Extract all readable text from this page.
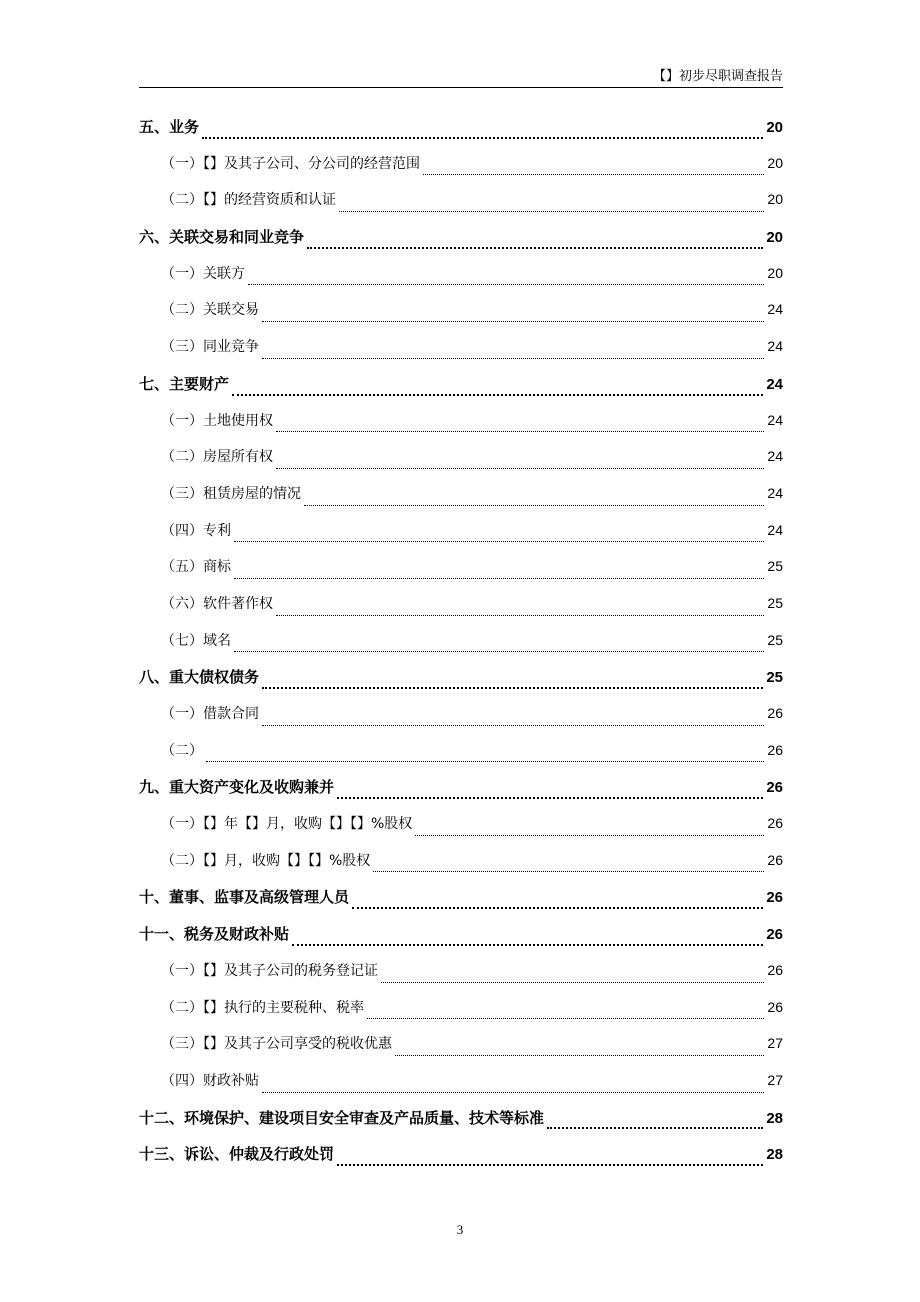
【】初步尽职调查报告
五、业务	20
（一）【】及其子公司、分公司的经营范围	20
（二）【】的经营资质和认证	20
六、关联交易和同业竞争	20
（一）关联方	20
（二）关联交易	24
（三）同业竞争	24
七、主要财产	24
（一）土地使用权	24
（二）房屋所有权	24
（三）租赁房屋的情况	24
（四）专利	24
（五）商标	25
（六）软件著作权	25
（七）域名	25
八、重大债权债务	25
（一）借款合同	26
（二）	26
九、重大资产变化及收购兼并	26
（一）【】年【】月，收购【】【】%股权	26
（二）【】月，收购【】【】%股权	26
十、董事、监事及高级管理人员	26
十一、税务及财政补贴	26
（一）【】及其子公司的税务登记证	26
（二）【】执行的主要税种、税率	26
（三）【】及其子公司享受的税收优惠	27
（四）财政补贴	27
十二、环境保护、建设项目安全审查及产品质量、技术等标准	28
十三、诉讼、仲裁及行政处罚	28
3
